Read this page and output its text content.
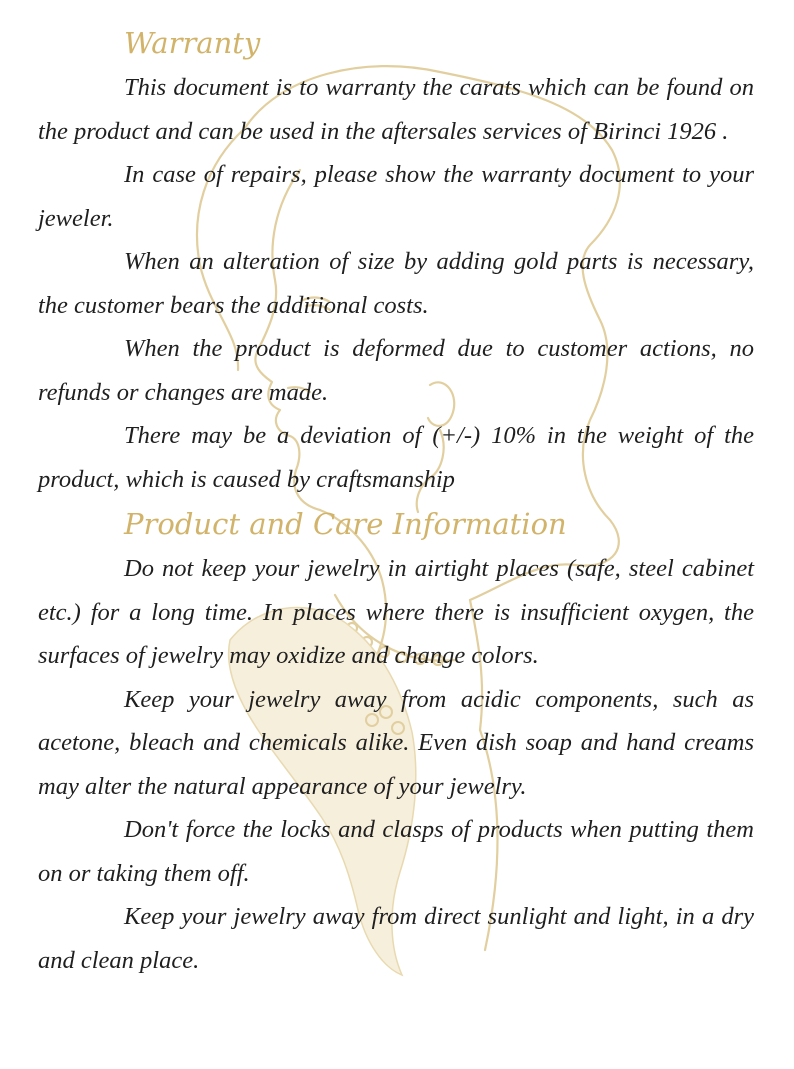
Warranty

This document is to warranty the carats which can be found on the product and can be used in the aftersales services of Birinci 1926 .

In case of repairs, please show the warranty document to your jeweler.

When an alteration of size by adding gold parts is necessary, the customer bears the additional costs.

When the product is deformed due to customer actions, no refunds or changes are made.

There may be a deviation of (+/-) 10% in the weight of the product, which is caused by craftsmanship

Product and Care Information

Do not keep your jewelry in airtight places (safe, steel cabinet etc.) for a long time. In places where there is insufficient oxygen, the surfaces of jewelry may oxidize and change colors.

Keep your jewelry away from acidic components, such as acetone, bleach and chemicals alike. Even dish soap and hand creams may alter the natural appearance of your jewelry.

Don't force the locks and clasps of products when putting them on or taking them off.

Keep your jewelry away from direct sunlight and light, in a dry and clean place.
